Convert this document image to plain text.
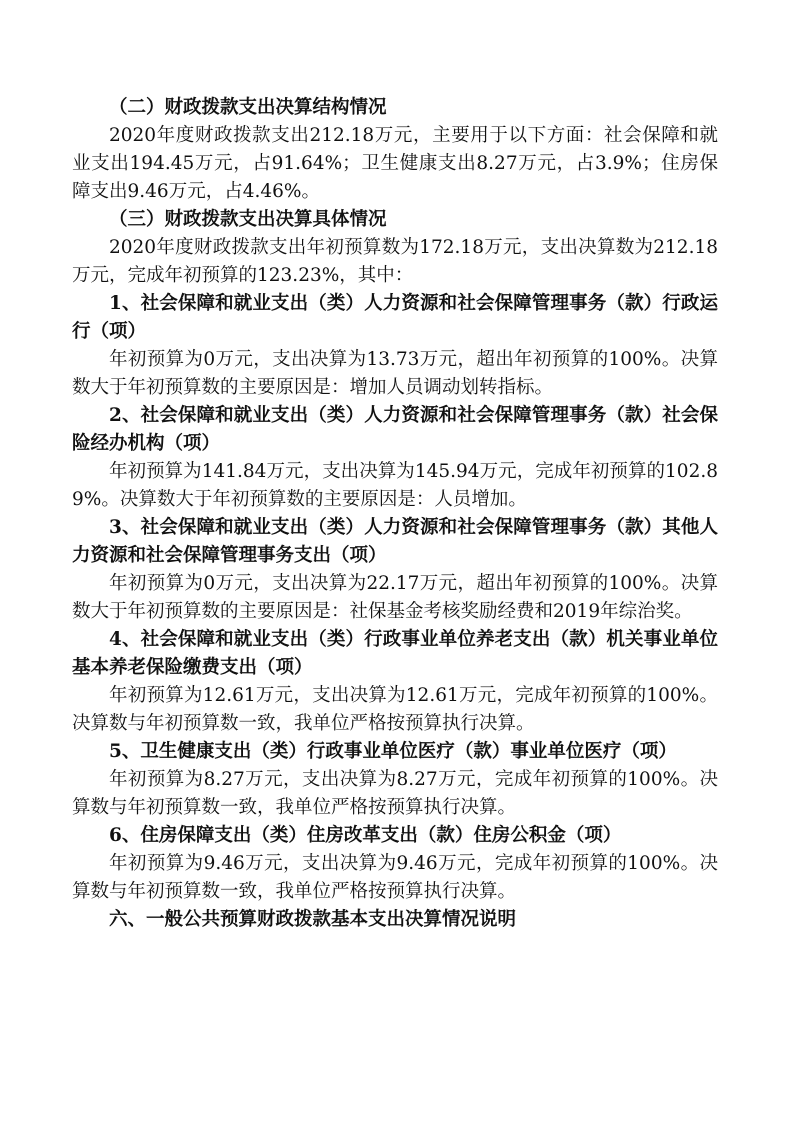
（二）财政拨款支出决算结构情况

2020年度财政拨款支出212.18万元，主要用于以下方面：社会保障和就业支出194.45万元，占91.64%；卫生健康支出8.27万元，占3.9%；住房保障支出9.46万元，占4.46%。

（三）财政拨款支出决算具体情况

2020年度财政拨款支出年初预算数为172.18万元，支出决算数为212.18万元，完成年初预算的123.23%，其中：

1、社会保障和就业支出（类）人力资源和社会保障管理事务（款）行政运行（项）

年初预算为0万元，支出决算为13.73万元，超出年初预算的100%。决算数大于年初预算数的主要原因是：增加人员调动划转指标。

2、社会保障和就业支出（类）人力资源和社会保障管理事务（款）社会保险经办机构（项）

年初预算为141.84万元，支出决算为145.94万元，完成年初预算的102.89%。决算数大于年初预算数的主要原因是：人员增加。

3、社会保障和就业支出（类）人力资源和社会保障管理事务（款）其他人力资源和社会保障管理事务支出（项）

年初预算为0万元，支出决算为22.17万元，超出年初预算的100%。决算数大于年初预算数的主要原因是：社保基金考核奖励经费和2019年综治奖。

4、社会保障和就业支出（类）行政事业单位养老支出（款）机关事业单位基本养老保险缴费支出（项）

年初预算为12.61万元，支出决算为12.61万元，完成年初预算的100%。决算数与年初预算数一致，我单位严格按预算执行决算。

5、卫生健康支出（类）行政事业单位医疗（款）事业单位医疗（项）

年初预算为8.27万元，支出决算为8.27万元，完成年初预算的100%。决算数与年初预算数一致，我单位严格按预算执行决算。

6、住房保障支出（类）住房改革支出（款）住房公积金（项）

年初预算为9.46万元，支出决算为9.46万元，完成年初预算的100%。决算数与年初预算数一致，我单位严格按预算执行决算。

六、一般公共预算财政拨款基本支出决算情况说明
